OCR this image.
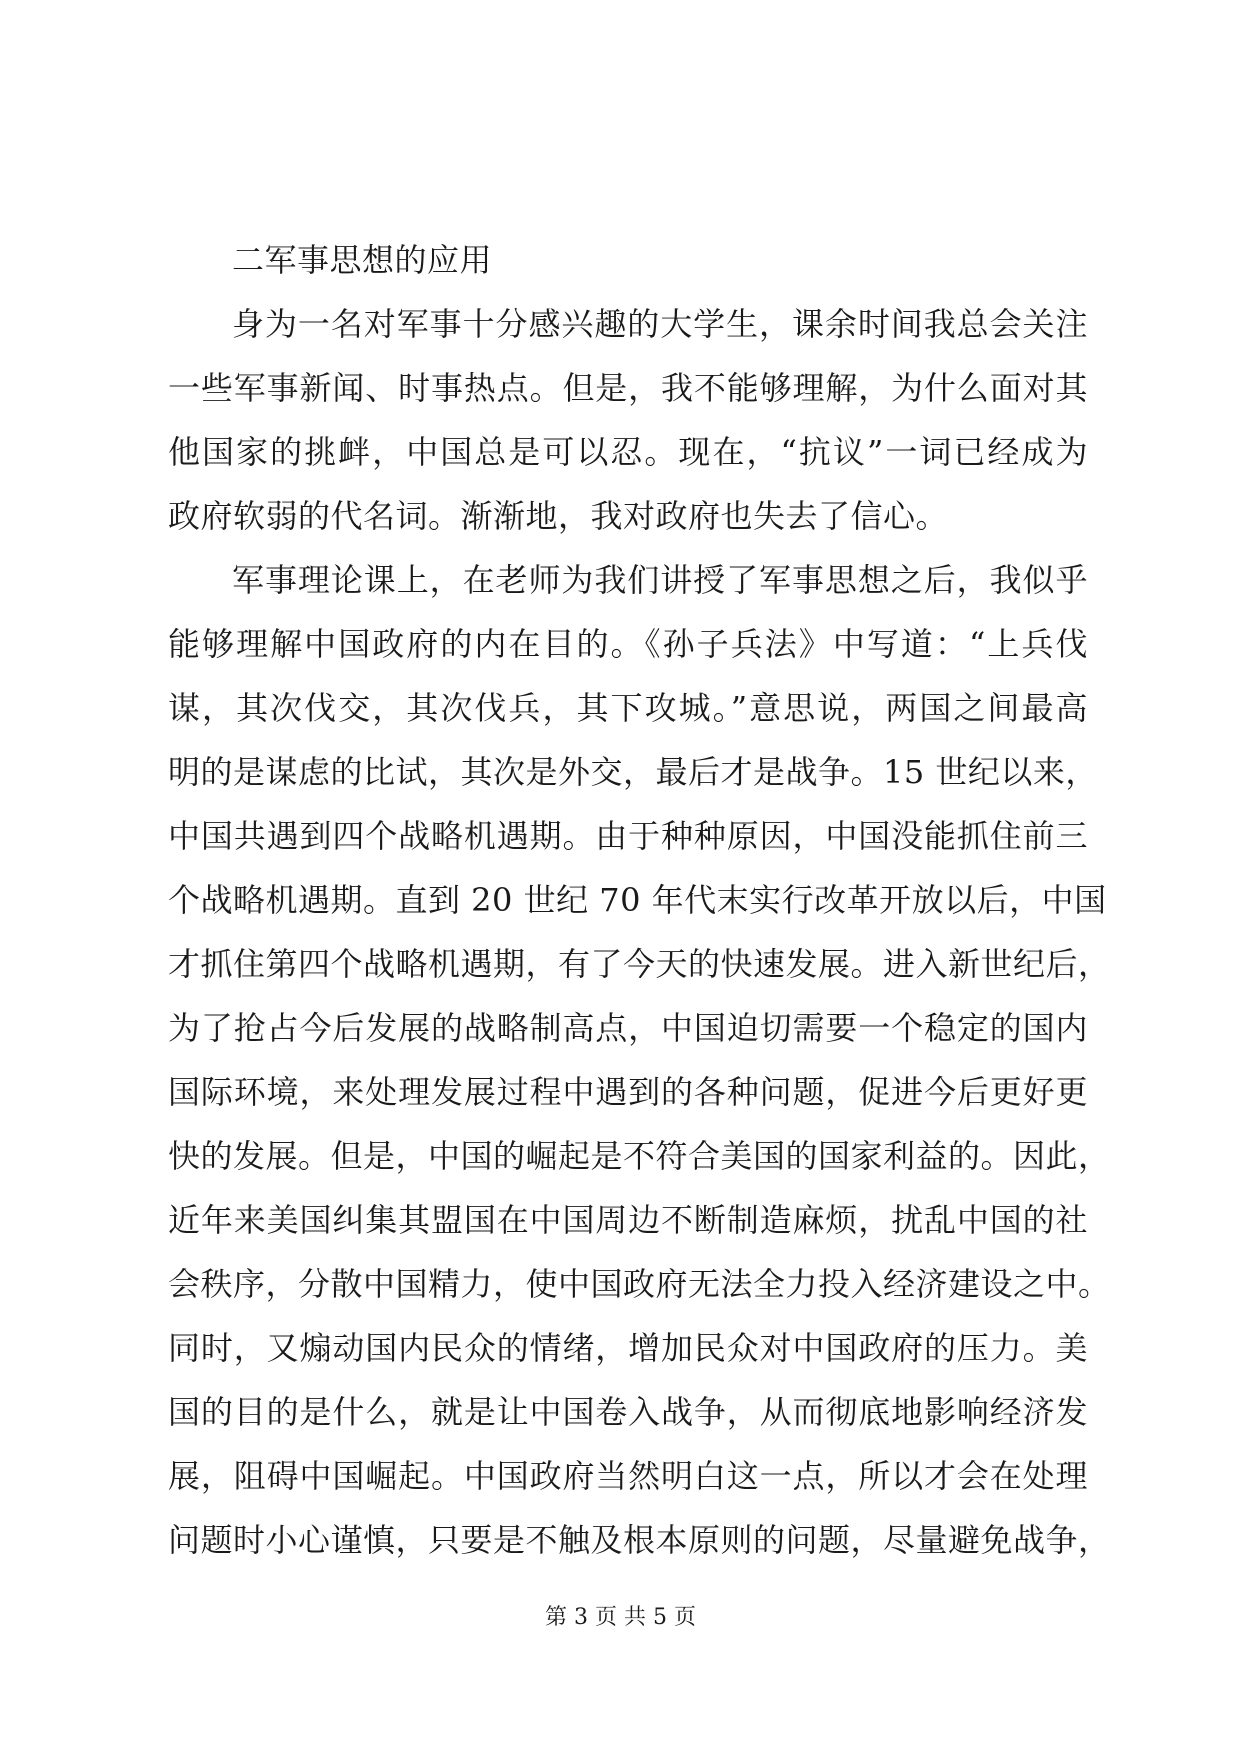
二军事思想的应用
身为一名对军事十分感兴趣的大学生，课余时间我总会关注
一些军事新闻、时事热点。但是，我不能够理解，为什么面对其
他国家的挑衅，中国总是可以忍。现在，“抗议”一词已经成为
政府软弱的代名词。渐渐地，我对政府也失去了信心。
军事理论课上，在老师为我们讲授了军事思想之后，我似乎
能够理解中国政府的内在目的。《孙子兵法》中写道：“上兵伐
谋，其次伐交，其次伐兵，其下攻城。”意思说，两国之间最高
明的是谋虑的比试，其次是外交，最后才是战争。15 世纪以来，
中国共遇到四个战略机遇期。由于种种原因，中国没能抓住前三
个战略机遇期。直到 20 世纪 70 年代末实行改革开放以后，中国
才抓住第四个战略机遇期，有了今天的快速发展。进入新世纪后，
为了抢占今后发展的战略制高点，中国迫切需要一个稳定的国内
国际环境，来处理发展过程中遇到的各种问题，促进今后更好更
快的发展。但是，中国的崛起是不符合美国的国家利益的。因此，
近年来美国纠集其盟国在中国周边不断制造麻烦，扰乱中国的社
会秩序，分散中国精力，使中国政府无法全力投入经济建设之中。
同时，又煽动国内民众的情绪，增加民众对中国政府的压力。美
国的目的是什么，就是让中国卷入战争，从而彻底地影响经济发
展，阻碍中国崛起。中国政府当然明白这一点，所以才会在处理
问题时小心谨慎，只要是不触及根本原则的问题，尽量避免战争，
第 3 页 共 5 页
